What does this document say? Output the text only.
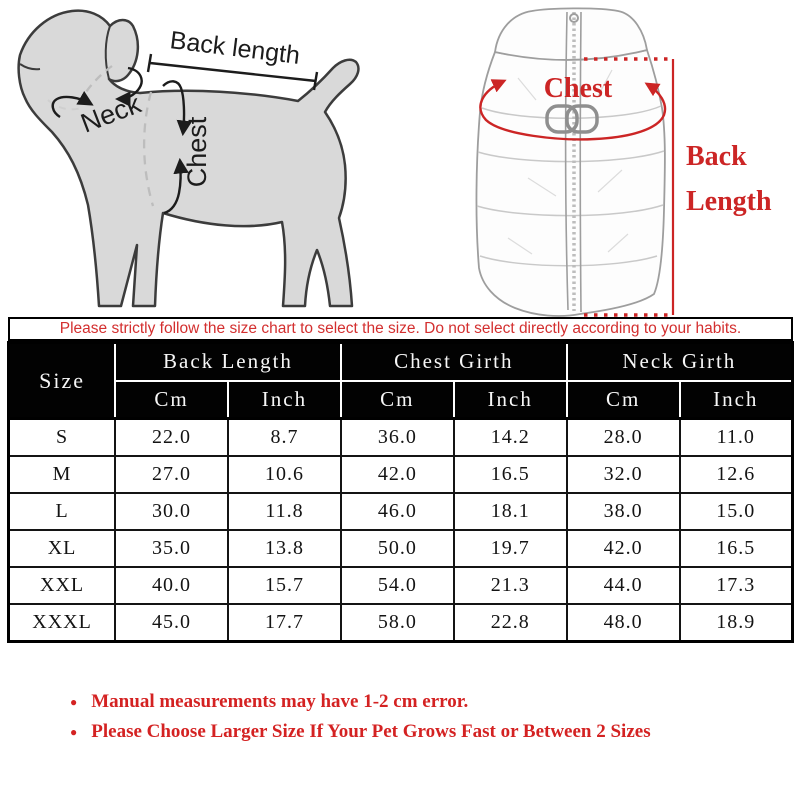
Back length
Neck
Chest
Chest
Back
Length
Please strictly follow the size chart to select the size. Do not select directly according to your habits.
Size	Back Length		Chest Girth		Neck Girth	
	Cm	Inch	Cm	Inch	Cm	Inch
S	22.0	8.7	36.0	14.2	28.0	11.0
M	27.0	10.6	42.0	16.5	32.0	12.6
L	30.0	11.8	46.0	18.1	38.0	15.0
XL	35.0	13.8	50.0	19.7	42.0	16.5
XXL	40.0	15.7	54.0	21.3	44.0	17.3
XXXL	45.0	17.7	58.0	22.8	48.0	18.9
● Manual measurements may have 1-2 cm error.
● Please Choose Larger Size If Your Pet Grows Fast or Between 2 Sizes
